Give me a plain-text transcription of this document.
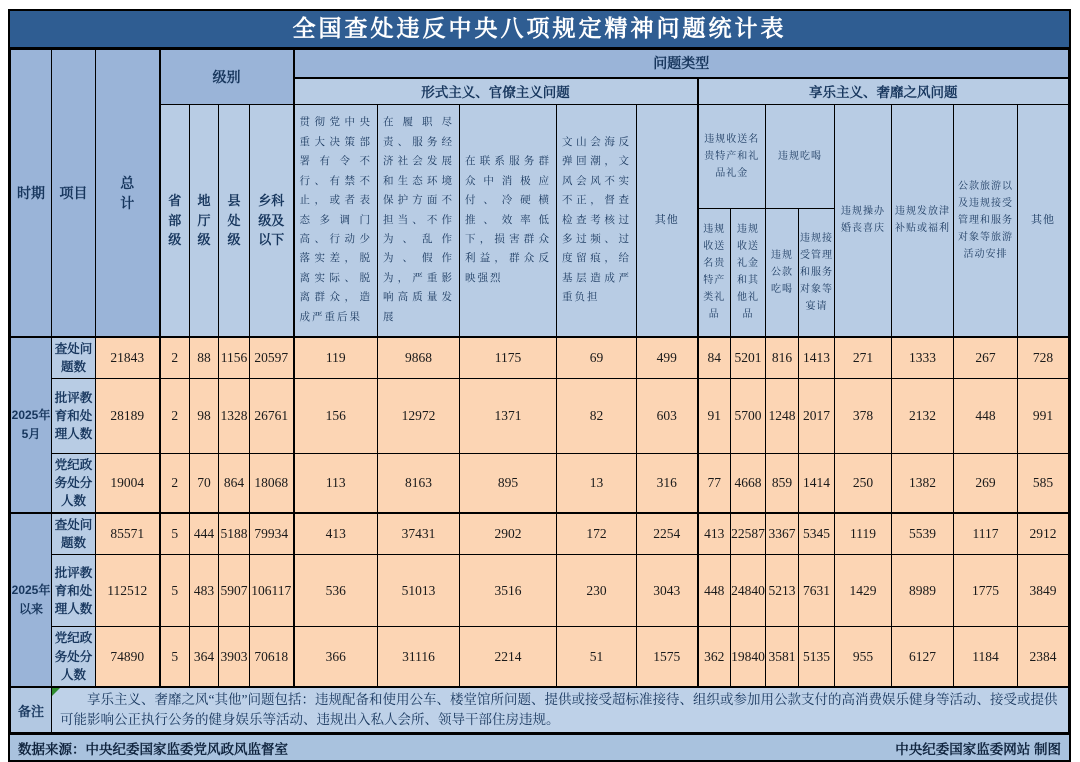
全国查处违反中央八项规定精神问题统计表
时期	项目	总计	级别				问题类型												
							形式主义、官僚主义问题					享乐主义、奢靡之风问题							
			省部级	地厅级	县处级	乡科级及以下	贯彻党中央重大决策部署有令不行、有禁不止，或者表态多调门高、行动少落实差，脱离实际、脱离群众，造成严重后果	在履职尽责、服务经济社会发展和生态环境保护方面不担当、不作为、乱作为、假作为，严重影响高质量发展	在联系服务群众中消极应付、冷硬横推、效率低下，损害群众利益，群众反映强烈	文山会海反弹回潮，文风会风不实不正，督查检查考核过多过频、过度留痕，给基层造成严重负担	其他	违规收送名贵特产和礼品礼金		违规吃喝		违规操办婚丧喜庆	违规发放津补贴或福利	公款旅游以及违规接受管理和服务对象等旅游活动安排	其他
												违规收送名贵特产类礼品	违规收送礼金和其他礼品	违规公款吃喝	违规接受管理和服务对象等宴请				
2025年5月	查处问题数	21843	2	88	1156	20597	119	9868	1175	69	499	84	5201	816	1413	271	1333	267	728
	批评教育和处理人数	28189	2	98	1328	26761	156	12972	1371	82	603	91	5700	1248	2017	378	2132	448	991
	党纪政务处分人数	19004	2	70	864	18068	113	8163	895	13	316	77	4668	859	1414	250	1382	269	585
2025年以来	查处问题数	85571	5	444	5188	79934	413	37431	2902	172	2254	413	22587	3367	5345	1119	5539	1117	2912
	批评教育和处理人数	112512	5	483	5907	106117	536	51013	3516	230	3043	448	24840	5213	7631	1429	8989	1775	3849
	党纪政务处分人数	74890	5	364	3903	70618	366	31116	2214	51	1575	362	19840	3581	5135	955	6127	1184	2384
备注	享乐主义、奢靡之风“其他”问题包括：违规配备和使用公车、楼堂馆所问题、提供或接受超标准接待、组织或参加用公款支付的高消费娱乐健身等活动、接受或提供可能影响公正执行公务的健身娱乐等活动、违规出入私人会所、领导干部住房违规。																		
数据来源：中央纪委国家监委党风政风监督室	中央纪委国家监委网站 制图
